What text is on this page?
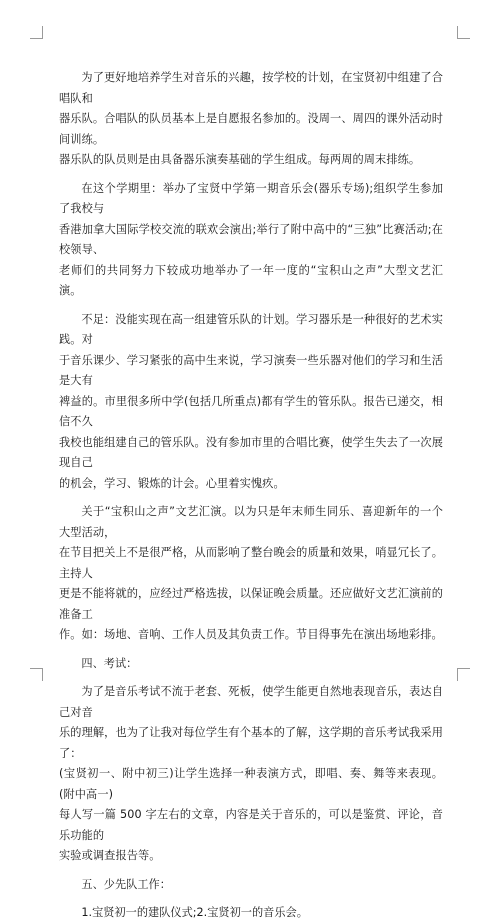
为了更好地培养学生对音乐的兴趣，按学校的计划，在宝贤初中组建了合唱队和
器乐队。合唱队的队员基本上是自愿报名参加的。没周一、周四的课外活动时间训练。
器乐队的队员则是由具备器乐演奏基础的学生组成。每两周的周末排练。

在这个学期里：举办了宝贤中学第一期音乐会(器乐专场);组织学生参加了我校与
香港加拿大国际学校交流的联欢会演出;举行了附中高中的“三独”比赛活动;在校领导、
老师们的共同努力下较成功地举办了一年一度的“宝积山之声”大型文艺汇演。

不足：没能实现在高一组建管乐队的计划。学习器乐是一种很好的艺术实践。对
于音乐课少、学习紧张的高中生来说，学习演奏一些乐器对他们的学习和生活是大有
裨益的。市里很多所中学(包括几所重点)都有学生的管乐队。报告已递交，相信不久
我校也能组建自己的管乐队。没有参加市里的合唱比赛，使学生失去了一次展现自己
的机会，学习、锻炼的计会。心里着实愧疚。

关于“宝积山之声”文艺汇演。以为只是年末师生同乐、喜迎新年的一个大型活动，
在节目把关上不是很严格，从而影响了整台晚会的质量和效果，哨显冗长了。主持人
更是不能将就的，应经过严格选拔，以保证晚会质量。还应做好文艺汇演前的准备工
作。如：场地、音响、工作人员及其负责工作。节目得事先在演出场地彩排。

四、考试：

为了是音乐考试不流于老套、死板，使学生能更自然地表现音乐，表达自己对音
乐的理解，也为了让我对每位学生有个基本的了解，这学期的音乐考试我采用了：
(宝贤初一、附中初三)让学生选择一种表演方式，即唱、奏、舞等来表现。(附中高一)
每人写一篇 500 字左右的文章，内容是关于音乐的，可以是鉴赏、评论，音乐功能的
实验或调查报告等。

五、少先队工作：

1.宝贤初一的建队仪式;2.宝贤初一的音乐会。
